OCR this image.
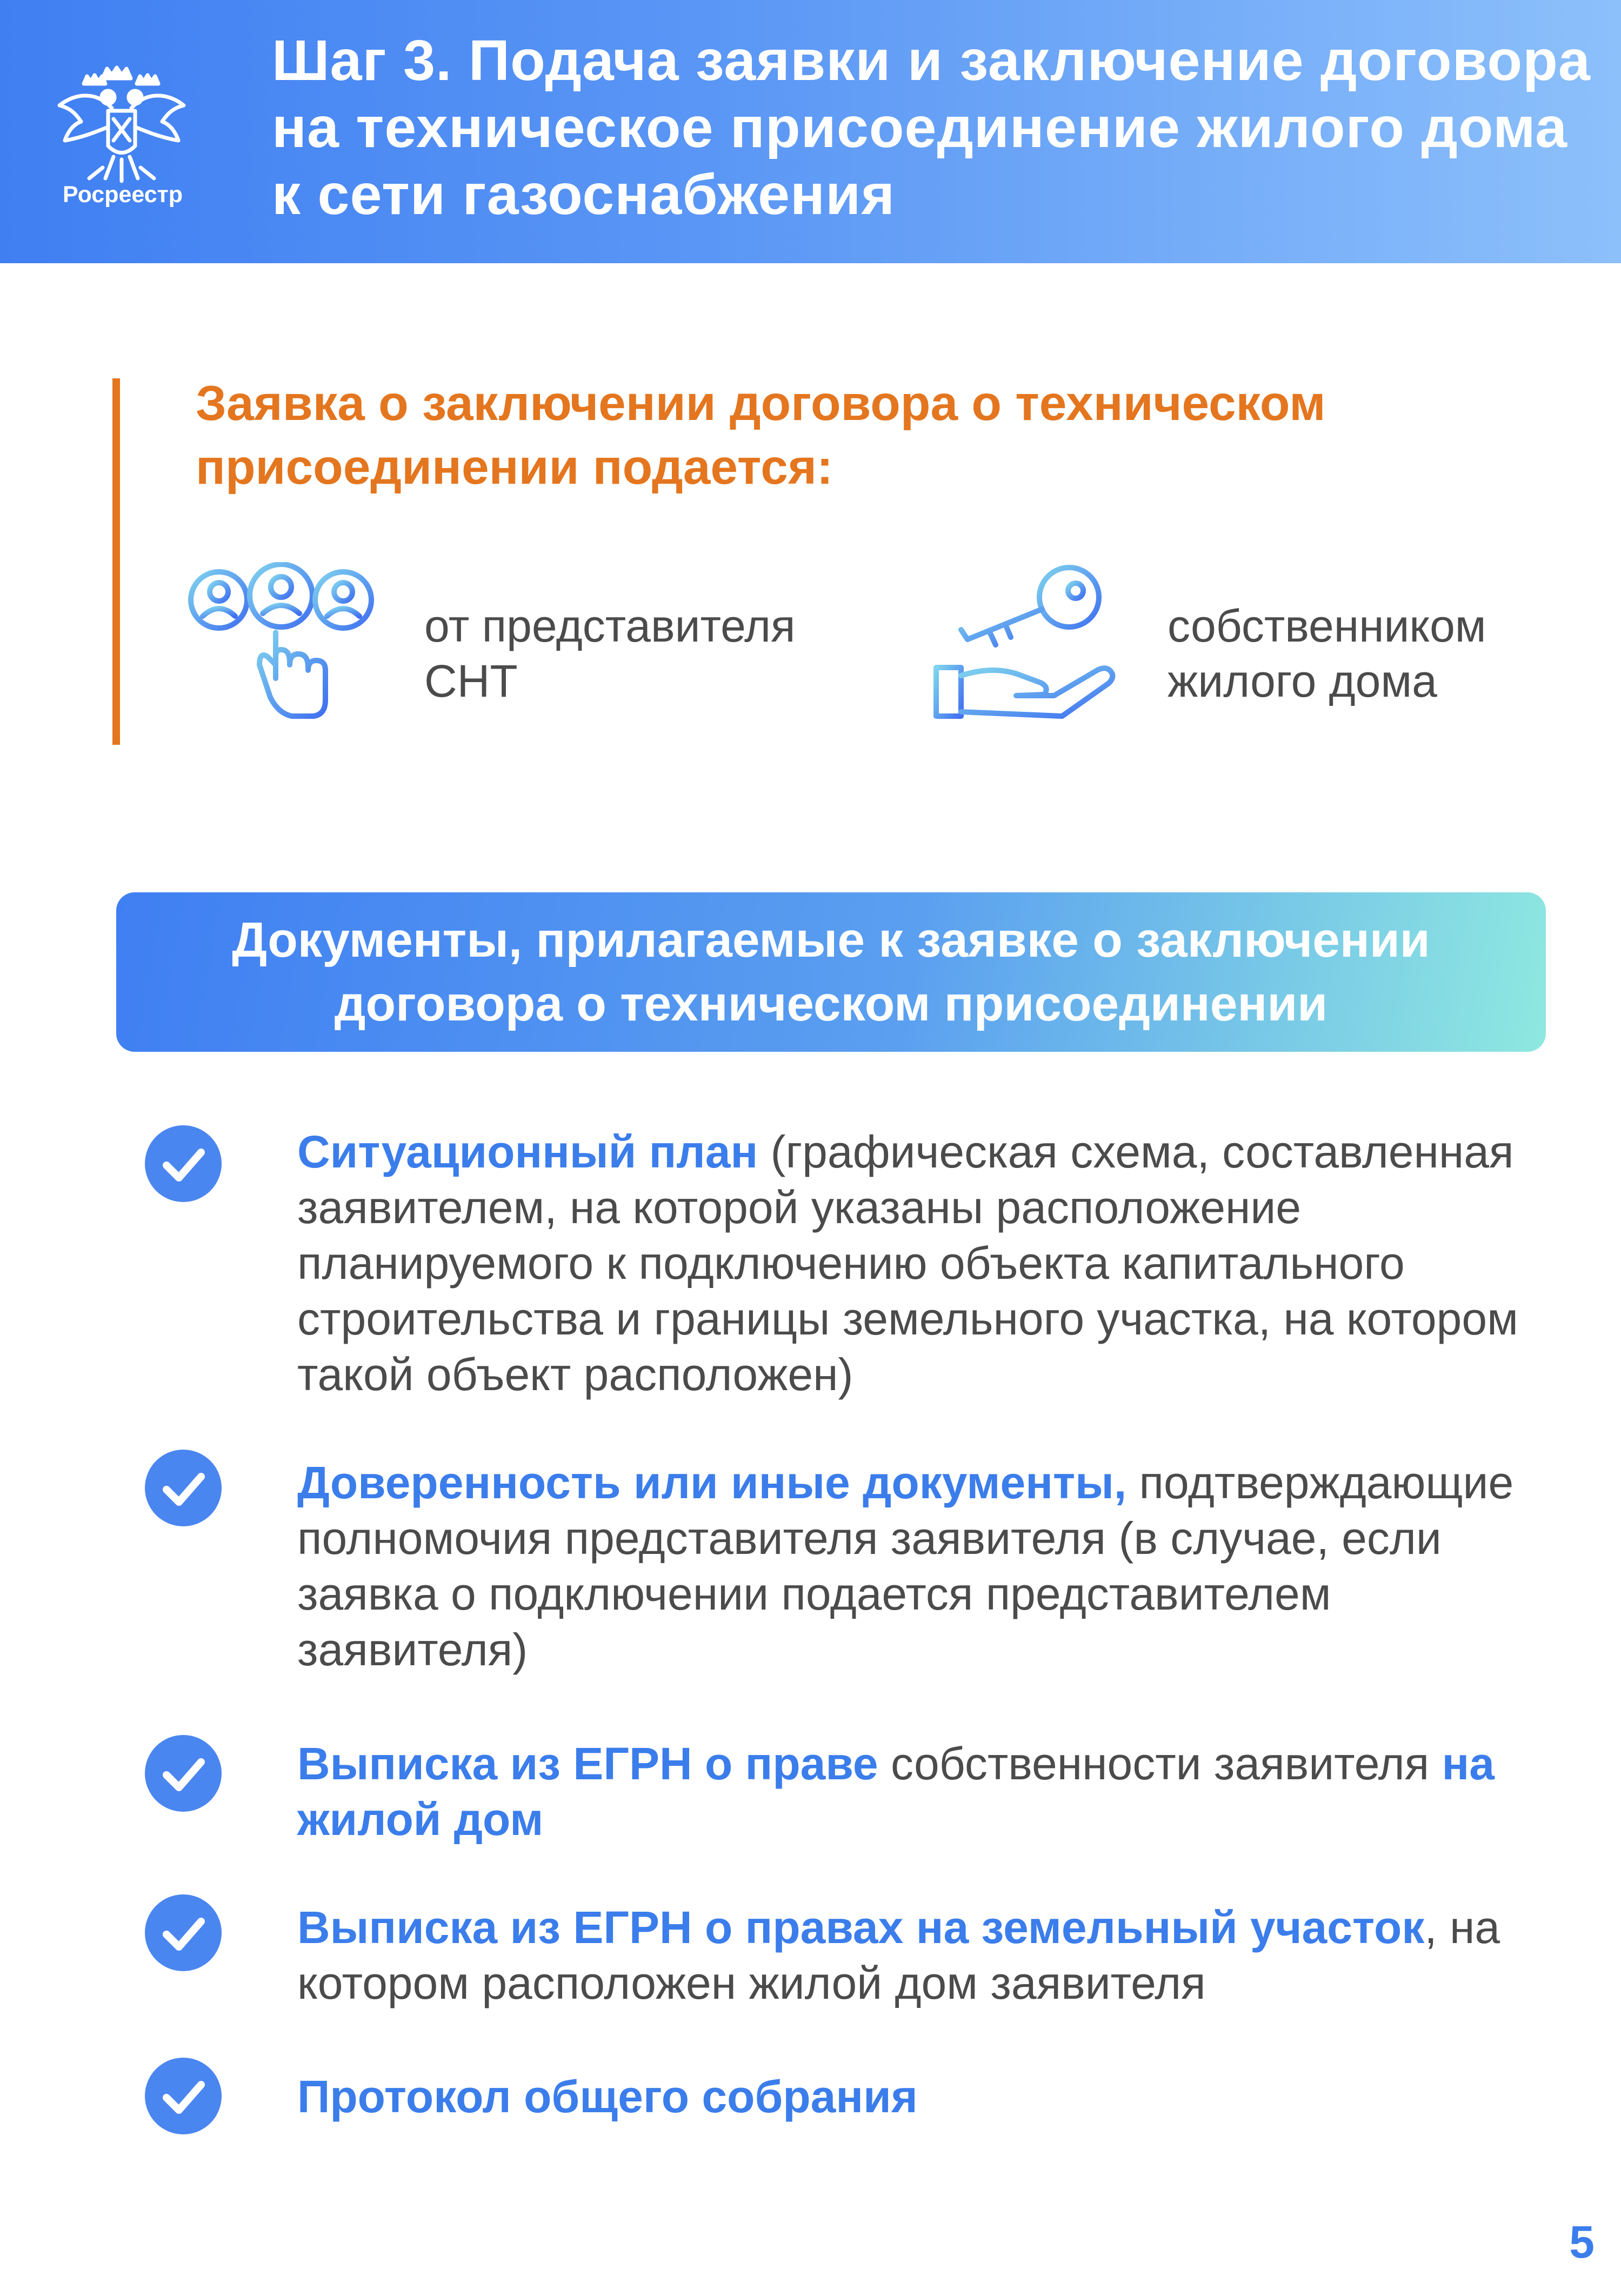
Росреестр
Шаг 3. Подача заявки и заключение договора на техническое присоединение жилого дома к сети газоснабжения
Заявка о заключении договора о техническом присоединении подается:

от представителя
СНТ

собственником
жилого дома

Документы, прилагаемые к заявке о заключении
договора о техническом присоединении

Ситуационный план (графическая схема, составленная заявителем, на которой указаны расположение планируемого к подключению объекта капитального строительства и границы земельного участка, на котором такой объект расположен)

Доверенность или иные документы, подтверждающие полномочия представителя заявителя (в случае, если заявка о подключении подается представителем заявителя)

Выписка из ЕГРН о праве собственности заявителя на жилой дом

Выписка из ЕГРН о правах на земельный участок, на котором расположен жилой дом заявителя

Протокол общего собрания

5
